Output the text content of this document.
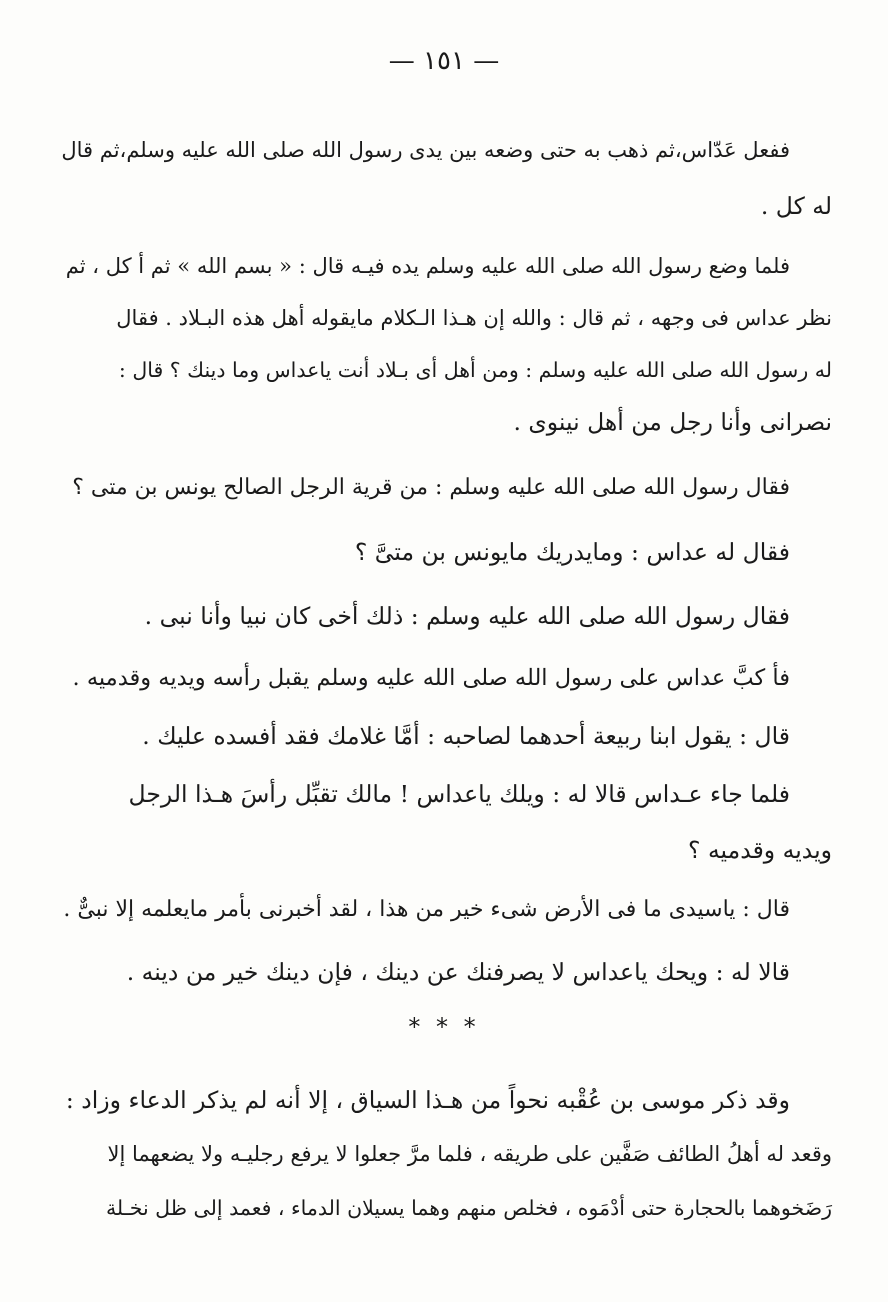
— ١٥١ —
ففعل عَدّاس،ثم ذهب به حتى وضعه بين يدى رسول الله صلى الله عليه وسلم،ثم قال
له كل .
فلما وضع رسول الله صلى الله عليه وسلم يده فيـه قال : « بسم الله » ثم أ كل ، ثم
نظر عداس فى وجهه ، ثم قال : والله إن هـذا الـكلام مايقوله أهل هذه البـلاد . فقال
له رسول الله صلى الله عليه وسلم : ومن أهل أى بـلاد أنت ياعداس وما دينك ؟ قال :
نصرانى وأنا رجل من أهل نينوى .
فقال رسول الله صلى الله عليه وسلم : من قرية الرجل الصالح يونس بن متى ؟
فقال له عداس : ومايدريك مايونس بن متىَّ ؟
فقال رسول الله صلى الله عليه وسلم : ذلك أخى كان نبيا وأنا نبى .
فأ كبَّ عداس على رسول الله صلى الله عليه وسلم يقبل رأسه ويديه وقدميه .
قال : يقول ابنا ربيعة أحدهما لصاحبه : أمَّا غلامك فقد أفسده عليك .
فلما جاء عـداس قالا له : ويلك ياعداس ! مالك تقبِّل رأسَ هـذا الرجل
ويديه وقدميه ؟
قال : ياسيدى ما فى الأرض شىء خير من هذا ، لقد أخبرنى بأمر مايعلمه إلا نبىٌّ .
قالا له : ويحك ياعداس لا يصرفنك عن دينك ، فإن دينك خير من دينه .
* * *
وقد ذكر موسى بن عُقْبه نحواً من هـذا السياق ، إلا أنه لم يذكر الدعاء وزاد :
وقعد له أهلُ الطائف صَفَّين على طريقه ، فلما مرَّ جعلوا لا يرفع رجليـه ولا يضعهما إلا
رَضَخوهما بالحجارة حتى أدْمَوه ، فخلص منهم وهما يسيلان الدماء ، فعمد إلى ظل نخـلة
